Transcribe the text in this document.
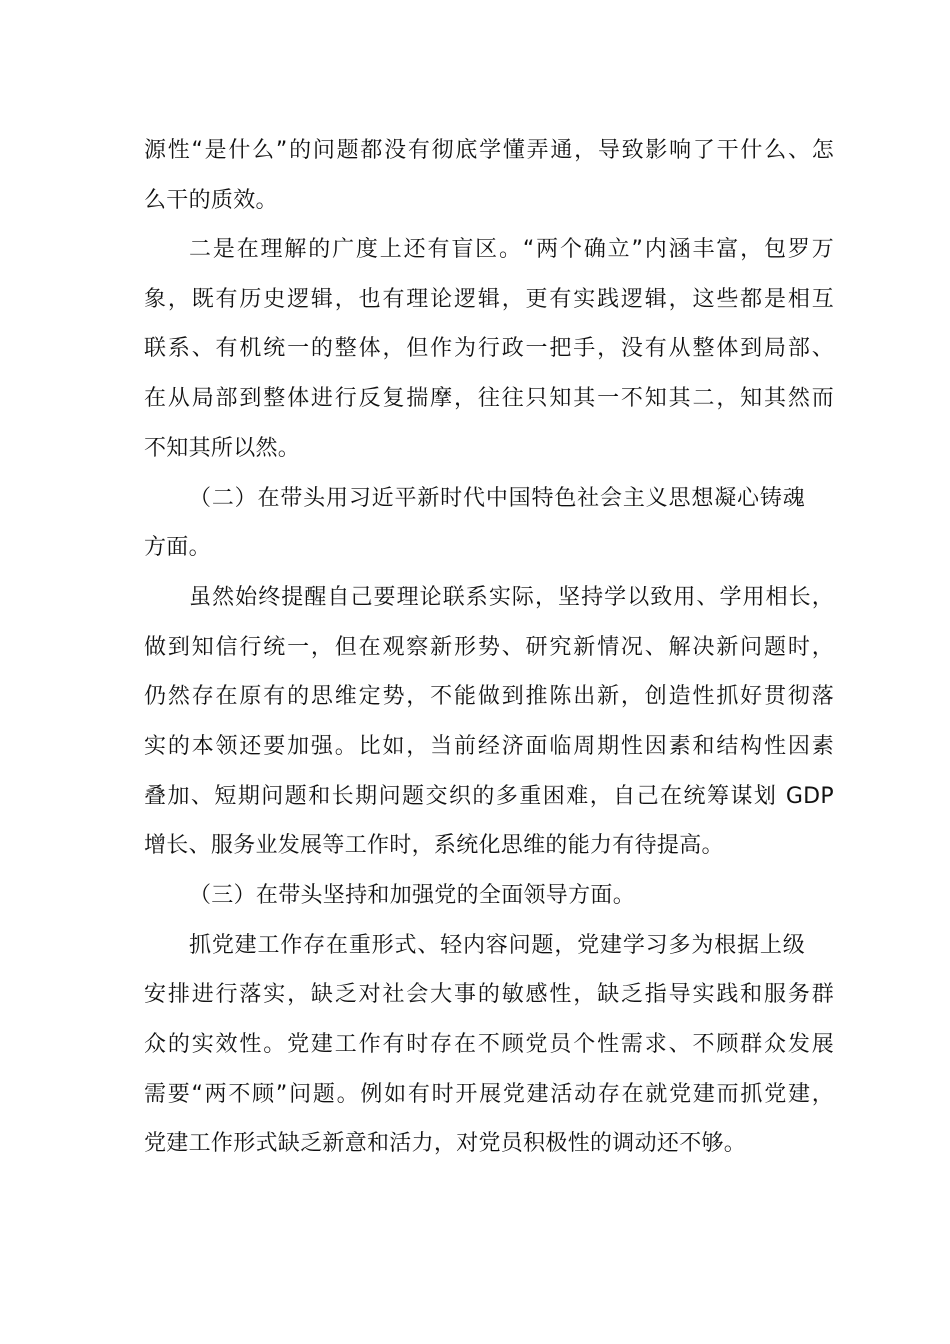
源性“是什么”的问题都没有彻底学懂弄通，导致影响了干什么、怎
么干的质效。
二是在理解的广度上还有盲区。“两个确立”内涵丰富，包罗万
象，既有历史逻辑，也有理论逻辑，更有实践逻辑，这些都是相互
联系、有机统一的整体，但作为行政一把手，没有从整体到局部、
在从局部到整体进行反复揣摩，往往只知其一不知其二，知其然而
不知其所以然。
（二）在带头用习近平新时代中国特色社会主义思想凝心铸魂
方面。
虽然始终提醒自己要理论联系实际，坚持学以致用、学用相长，
做到知信行统一，但在观察新形势、研究新情况、解决新问题时，
仍然存在原有的思维定势，不能做到推陈出新，创造性抓好贯彻落
实的本领还要加强。比如，当前经济面临周期性因素和结构性因素
叠加、短期问题和长期问题交织的多重困难，自己在统筹谋划 GDP
增长、服务业发展等工作时，系统化思维的能力有待提高。
（三）在带头坚持和加强党的全面领导方面。
抓党建工作存在重形式、轻内容问题，党建学习多为根据上级
安排进行落实，缺乏对社会大事的敏感性，缺乏指导实践和服务群
众的实效性。党建工作有时存在不顾党员个性需求、不顾群众发展
需要“两不顾”问题。例如有时开展党建活动存在就党建而抓党建，
党建工作形式缺乏新意和活力，对党员积极性的调动还不够。
